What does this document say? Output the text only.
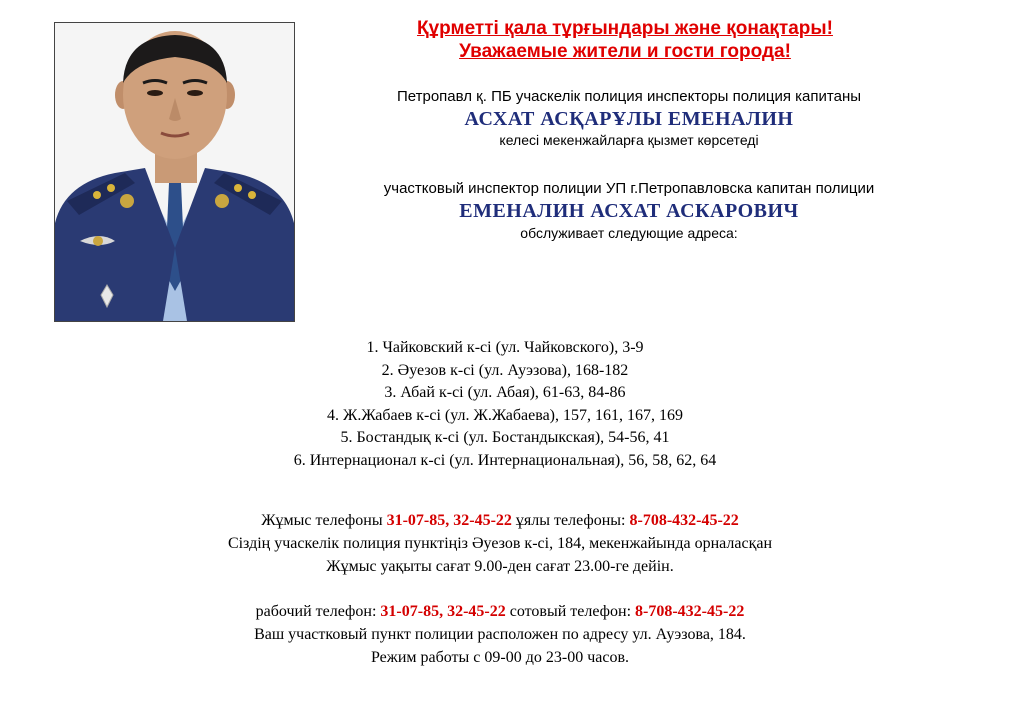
Құрметті қала тұрғындары және қонақтары!
Уважаемые жители и гости города!
Петропавл қ. ПБ учаскелік полиция инспекторы полиция капитаны
АСХАТ АСҚАРҰЛЫ ЕМЕНАЛИН
келесі мекенжайларға қызмет көрсетеді
участковый инспектор полиции УП г.Петропавловска капитан полиции
ЕМЕНАЛИН АСХАТ АСКАРОВИЧ
обслуживает следующие адреса:
1. Чайковский к-сі (ул. Чайковского), 3-9
2. Әуезов к-сі (ул. Ауэзова), 168-182
3. Абай к-сі (ул. Абая), 61-63, 84-86
4. Ж.Жабаев к-сі (ул. Ж.Жабаева), 157, 161, 167, 169
5. Бостандық к-сі (ул. Бостандыкская), 54-56, 41
6. Интернационал к-сі (ул. Интернациональная), 56, 58, 62, 64
Жұмыс телефоны 31-07-85, 32-45-22 ұялы телефоны: 8-708-432-45-22
Сіздің учаскелік полиция пунктіңіз Әуезов к-сі, 184, мекенжайында орналасқан
Жұмыс уақыты сағат 9.00-ден сағат 23.00-ге дейін.
рабочий телефон: 31-07-85, 32-45-22 сотовый телефон: 8-708-432-45-22
Ваш участковый пункт полиции расположен по адресу ул. Ауэзова, 184.
Режим работы с 09-00 до 23-00 часов.
